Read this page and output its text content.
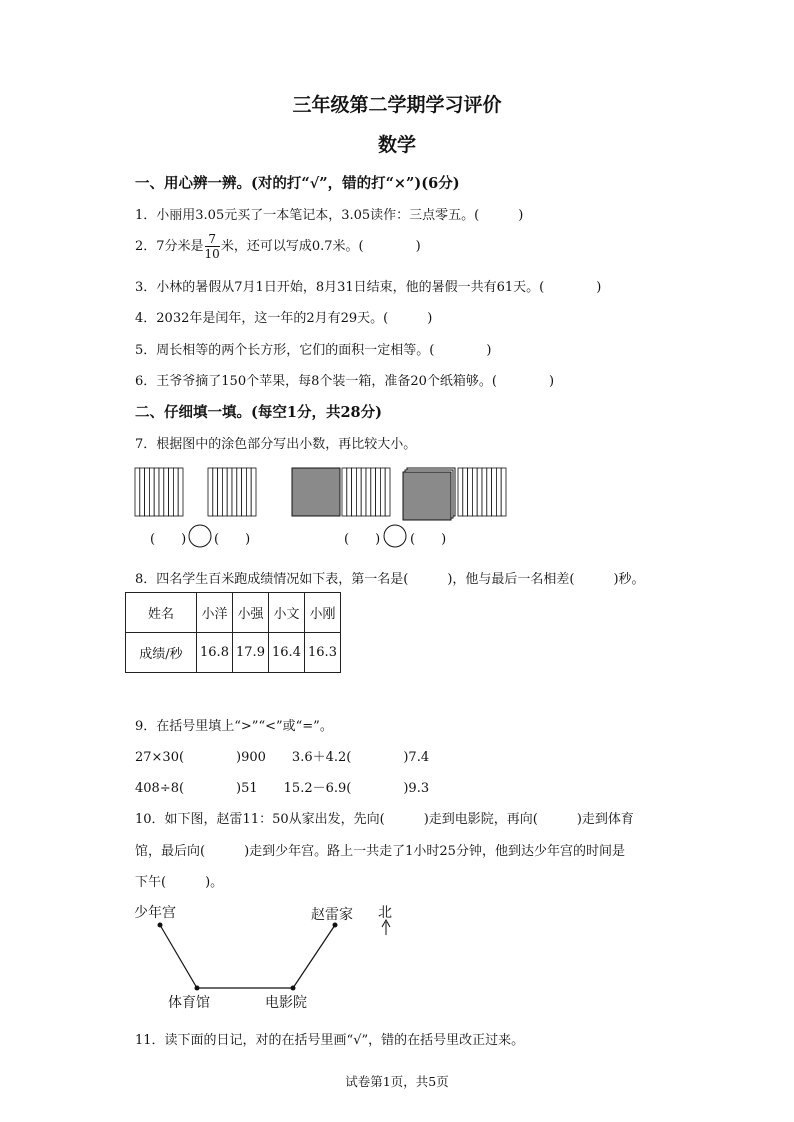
三年级第二学期学习评价
数学
一、用心辨一辨。(对的打“√”，错的打“×”)(6分)
1．小丽用3.05元买了一本笔记本，3.05读作：三点零五。(　　　)
2．7分米是 $\frac{7}{10}$ 米，还可以写成0.7米。(　　　　)
3．小林的暑假从7月1日开始，8月31日结束，他的暑假一共有61天。(　　　　)
4．2032年是闰年，这一年的2月有29天。(　　　)
5．周长相等的两个长方形，它们的面积一定相等。(　　　　)
6．王爷爷摘了150个苹果，每8个装一箱，准备20个纸箱够。(　　　　)
二、仔细填一填。(每空1分，共28分)
7．根据图中的涂色部分写出小数，再比较大小。
(　　) (　　)	(　　) (　　)
8．四名学生百米跑成绩情况如下表，第一名是(　　　)，他与最后一名相差(　　　)秒。
姓名	小洋	小强	小文	小刚
成绩/秒	16.8	17.9	16.4	16.3
9．在括号里填上“>”“<”或“=”。
27×30(　　　　)900　　3.6＋4.2(　　　　)7.4
408÷8(　　　　)51　　15.2－6.9(　　　　)9.3
10．如下图，赵雷11：50从家出发，先向(　　　)走到电影院，再向(　　　)走到体育
馆，最后向(　　　)走到少年宫。路上一共走了1小时25分钟，他到达少年宫的时间是
下午(　　　)。
少年宫	赵雷家 北
体育馆	电影院
11．读下面的日记，对的在括号里画“√”，错的在括号里改正过来。
试卷第1页，共5页
